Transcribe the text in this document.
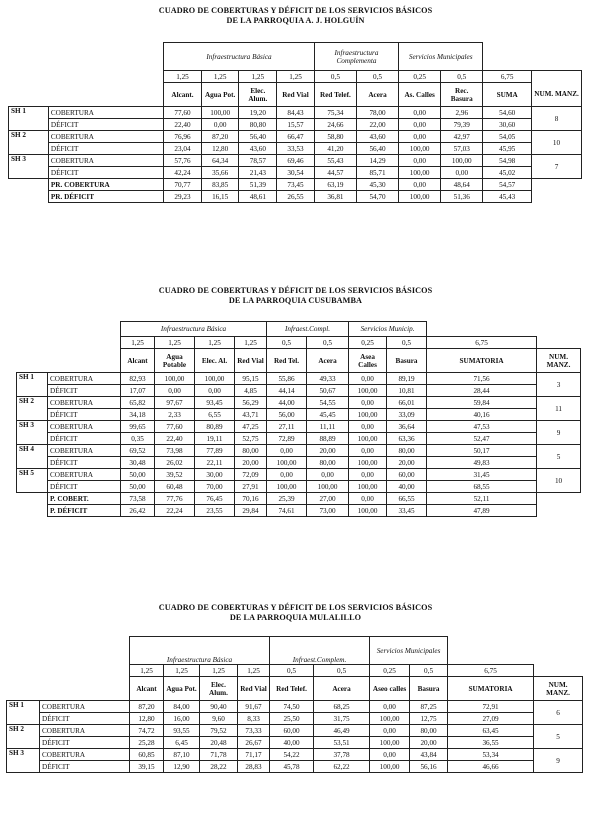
CUADRO DE COBERTURAS Y DÉFICIT DE LOS SERVICIOS BÁSICOS
DE LA PARROQUIA A. J. HOLGUÍN
		Infraestructura Básica				Infraestructura Complementa		Servicios Municipales			
		1,25	1,25	1,25	1,25	0,5	0,5	0,25	0,5	6,75	
		Alcant.	Agua Pot.	Elec. Alum.	Red Vial	Red Telef.	Acera	As. Calles	Rec. Basura	SUMA	NUM. MANZ.
SH 1	COBERTURA	77,60	100,00	19,20	84,43	75,34	78,00	0,00	2,96	54,60	8
	DÉFICIT	22,40	0,00	80,80	15,57	24,66	22,00	0,00	79,39	30,60	
SH 2	COBERTURA	76,96	87,20	56,40	66,47	58,80	43,60	0,00	42,97	54,05	10
	DÉFICIT	23,04	12,80	43,60	33,53	41,20	56,40	100,00	57,03	45,95	
SH 3	COBERTURA	57,76	64,34	78,57	69,46	55,43	14,29	0,00	100,00	54,98	7
	DÉFICIT	42,24	35,66	21,43	30,54	44,57	85,71	100,00	0,00	45,02	
	PR. COBERTURA	70,77	83,85	51,39	73,45	63,19	45,30	0,00	48,64	54,57	
	PR. DÉFICIT	29,23	16,15	48,61	26,55	36,81	54,70	100,00	51,36	45,43	
CUADRO DE COBERTURAS Y DÉFICIT DE LOS SERVICIOS BÁSICOS
DE LA PARROQUIA CUSUBAMBA
		Infraestructura Básica				Infraest.Compl.		Servicios Municip.			
		1,25	1,25	1,25	1,25	0,5	0,5	0,25	0,5	6,75	
		Alcant	Agua Potable	Elec. Al.	Red Vial	Red Tel.	Acera	Asea Calles	Basura	SUMATORIA	NUM. MANZ.
SH 1	COBERTURA	82,93	100,00	100,00	95,15	55,86	49,33	0,00	89,19	71,56	3
	DÉFICIT	17,07	0,00	0,00	4,85	44,14	50,67	100,00	10,81	28,44	
SH 2	COBERTURA	65,82	97,67	93,45	56,29	44,00	54,55	0,00	66,01	59,84	11
	DÉFICIT	34,18	2,33	6,55	43,71	56,00	45,45	100,00	33,09	40,16	
SH 3	COBERTURA	99,65	77,60	80,89	47,25	27,11	11,11	0,00	36,64	47,53	9
	DÉFICIT	0,35	22,40	19,11	52,75	72,89	88,89	100,00	63,36	52,47	
SH 4	COBERTURA	69,52	73,98	77,89	80,00	0,00	20,00	0,00	80,00	50,17	5
	DÉFICIT	30,48	26,02	22,11	20,00	100,00	80,00	100,00	20,00	49,83	
SH 5	COBERTURA	50,00	39,52	30,00	72,09	0,00	0,00	0,00	60,00	31,45	10
	DÉFICIT	50,00	60,48	70,00	27,91	100,00	100,00	100,00	40,00	68,55	
	P. COBERT.	73,58	77,76	76,45	70,16	25,39	27,00	0,00	66,55	52,11	
	P. DÉFICIT	26,42	22,24	23,55	29,84	74,61	73,00	100,00	33,45	47,89	
CUADRO DE COBERTURAS Y DÉFICIT DE LOS SERVICIOS BÁSICOS
DE LA PARROQUIA MULALILLO
		Infraestructura Básica				Infraest.Complem.		Servicios Municipales			
		1,25	1,25	1,25	1,25	0,5	0,5	0,25	0,5	6,75	
		Alcant	Agua Pot.	Elec. Alum.	Red Vial	Red Telef.	Acera	Aseo calles	Basura	SUMATORIA	NUM. MANZ.
SH 1	COBERTURA	87,20	84,00	90,40	91,67	74,50	68,25	0,00	87,25	72,91	6
	DÉFICIT	12,80	16,00	9,60	8,33	25,50	31,75	100,00	12,75	27,09	
SH 2	COBERTURA	74,72	93,55	79,52	73,33	60,00	46,49	0,00	80,00	63,45	5
	DÉFICIT	25,28	6,45	20,48	26,67	40,00	53,51	100,00	20,00	36,55	
SH 3	COBERTURA	60,85	87,10	71,78	71,17	54,22	37,78	0,00	43,84	53,34	9
	DÉFICIT	39,15	12,90	28,22	28,83	45,78	62,22	100,00	56,16	46,66	
